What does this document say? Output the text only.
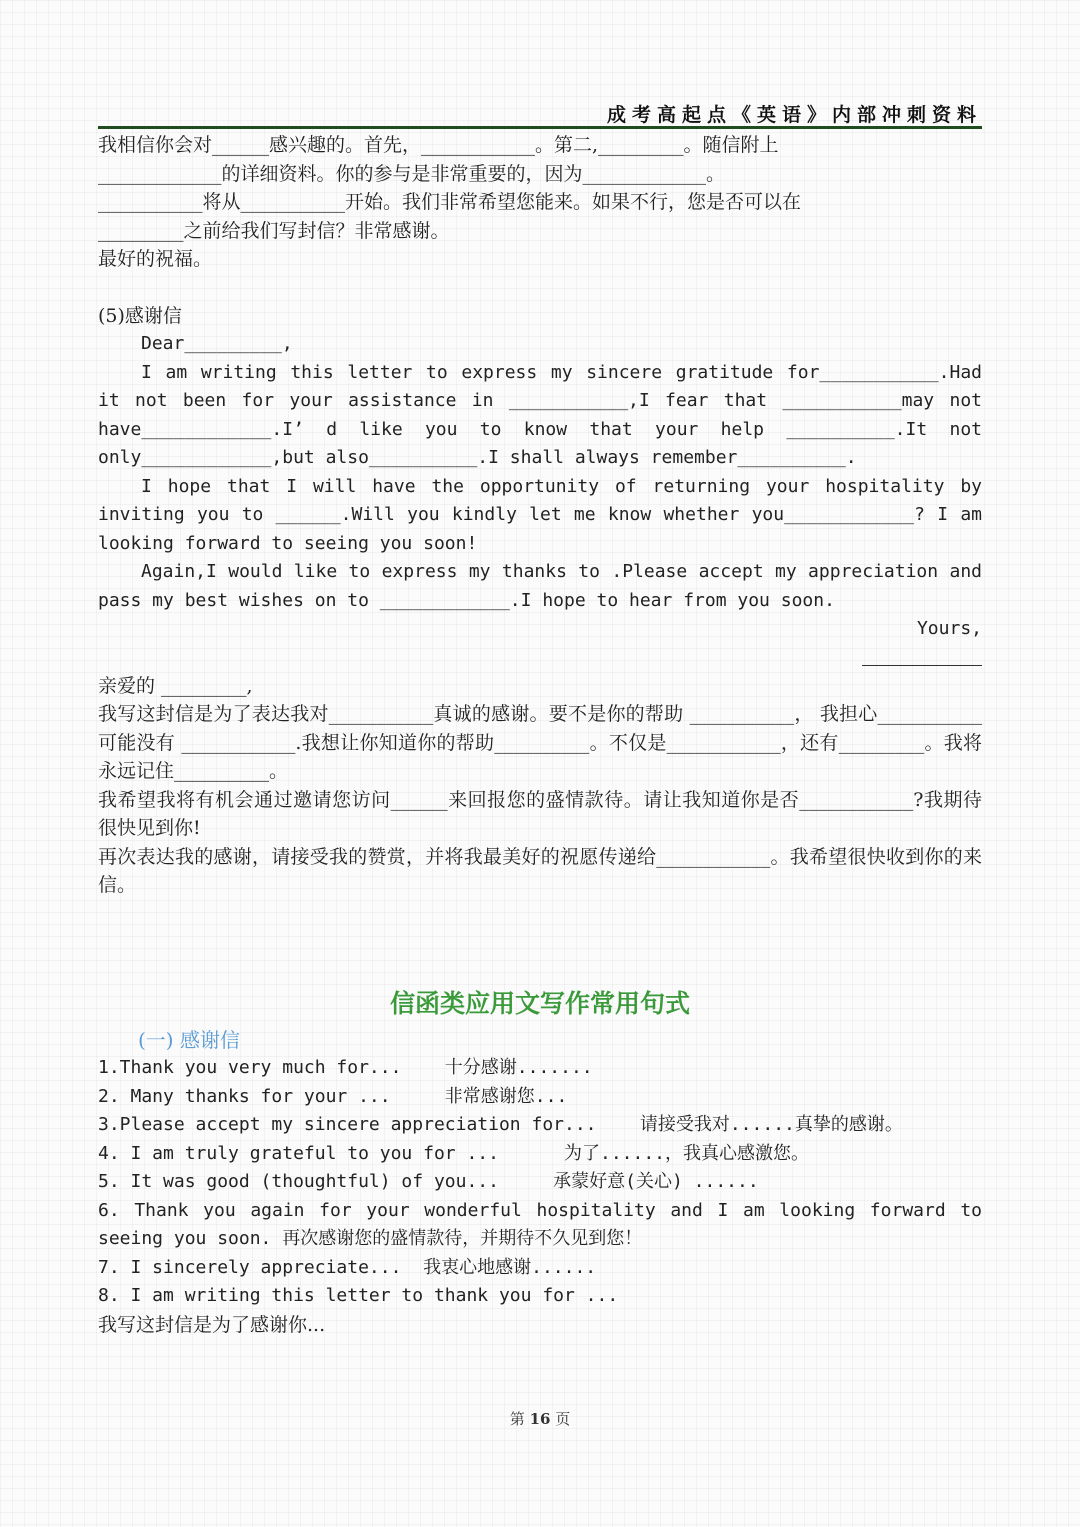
成考高起点《英语》内部冲刺资料

我相信你会对______感兴趣的。首先，____________。第二,_________。随信附上

_____________的详细资料。你的参与是非常重要的，因为_____________。

___________将从___________开始。我们非常希望您能来。如果不行，您是否可以在

_________之前给我们写封信？非常感谢。

最好的祝福。

(5)感谢信

Dear_________,

I am writing this letter to express my sincere gratitude for___________.Had it not been for your assistance in ___________,I fear that ___________may not have____________.I’ d like you to know that your help __________.It not only____________,but also__________.I shall always remember__________.

I hope that I will have the opportunity of returning your hospitality by inviting you to ______.Will you kindly let me know whether you____________? I am looking forward to seeing you soon!

Again,I would like to express my thanks to .Please accept my appreciation and pass my best wishes on to ____________.I hope to hear from you soon.

Yours,

亲爱的 _________,

我写这封信是为了表达我对___________真诚的感谢。要不是你的帮助 ___________， 我担心___________ 可能没有 ____________.我想让你知道你的帮助__________。不仅是____________，还有_________。我将永远记住__________。

我希望我将有机会通过邀请您访问______来回报您的盛情款待。请让我知道你是否____________?我期待很快见到你!

再次表达我的感谢，请接受我的赞赏，并将我最美好的祝愿传递给____________。我希望很快收到你的来信。

信函类应用文写作常用句式

(一) 感谢信

1.Thank you very much for...    十分感谢.......

2. Many thanks for your ...     非常感谢您...

3.Please accept my sincere appreciation for...    请接受我对......真挚的感谢。

4. I am truly grateful to you for ...      为了......，我真心感激您。

5. It was good (thoughtful) of you...     承蒙好意(关心) ......

6. Thank you again for your wonderful hospitality and I am looking forward to seeing you soon. 再次感谢您的盛情款待，并期待不久见到您！

7. I sincerely appreciate...  我衷心地感谢......

8. I am writing this letter to thank you for ...

我写这封信是为了感谢你...

第 16 页
